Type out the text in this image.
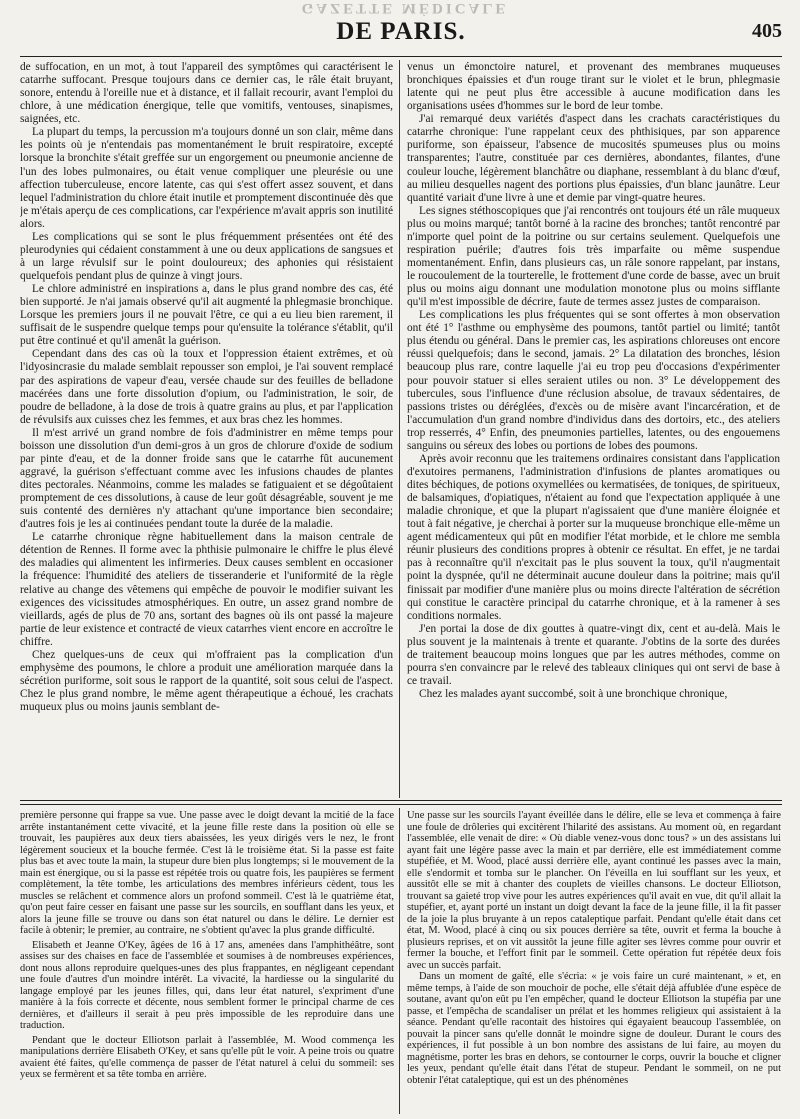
GAZETTE MÉDICALE
DE PARIS.	405

de suffocation, en un mot, à tout l'appareil des symptômes qui caractérisent le catarrhe suffocant. Presque toujours dans ce dernier cas, le râle était bruyant, sonore, entendu à l'oreille nue et à distance, et il fallait recourir, avant l'emploi du chlore, à une médication énergique, telle que vomitifs, ventouses, sinapismes, saignées, etc.

La plupart du temps, la percussion m'a toujours donné un son clair, même dans les points où je n'entendais pas momentanément le bruit respiratoire, excepté lorsque la bronchite s'était greffée sur un engorgement ou pneumonie ancienne de l'un des lobes pulmonaires, ou était venue compliquer une pleurésie ou une affection tuberculeuse, encore latente, cas qui s'est offert assez souvent, et dans lequel l'administration du chlore était inutile et promptement discontinuée dès que je m'étais aperçu de ces complications, car l'expérience m'avait appris son inutilité alors.

Les complications qui se sont le plus fréquemment présentées ont été des pleurodynies qui cédaient constamment à une ou deux applications de sangsues et à un large révulsif sur le point douloureux; des aphonies qui résistaient quelquefois pendant plus de quinze à vingt jours.

Le chlore administré en inspirations a, dans le plus grand nombre des cas, été bien supporté. Je n'ai jamais observé qu'il ait augmenté la phlegmasie bronchique. Lorsque les premiers jours il ne pouvait l'être, ce qui a eu lieu bien rarement, il suffisait de le suspendre quelque temps pour qu'ensuite la tolérance s'établit, qu'il put être continué et qu'il amenât la guérison.

Cependant dans des cas où la toux et l'oppression étaient extrêmes, et où l'idyosincrasie du malade semblait repousser son emploi, je l'ai souvent remplacé par des aspirations de vapeur d'eau, versée chaude sur des feuilles de belladone macérées dans une forte dissolution d'opium, ou l'administration, le soir, de poudre de belladone, à la dose de trois à quatre grains au plus, et par l'application de révulsifs aux cuisses chez les femmes, et aux bras chez les hommes.

Il m'est arrivé un grand nombre de fois d'administrer en même temps pour boisson une dissolution d'un demi-gros à un gros de chlorure d'oxide de sodium par pinte d'eau, et de la donner froide sans que le catarrhe fût aucunement aggravé, la guérison s'effectuant comme avec les infusions chaudes de plantes dites pectorales. Néanmoins, comme les malades se fatiguaient et se dégoûtaient promptement de ces dissolutions, à cause de leur goût désagréable, souvent je me suis contenté des dernières n'y attachant qu'une importance bien secondaire; d'autres fois je les ai continuées pendant toute la durée de la maladie.

Le catarrhe chronique règne habituellement dans la maison centrale de détention de Rennes. Il forme avec la phthisie pulmonaire le chiffre le plus élevé des maladies qui alimentent les infirmeries. Deux causes semblent en occasioner la fréquence: l'humidité des ateliers de tisseranderie et l'uniformité de la règle relative au change des vêtemens qui empêche de pouvoir le modifier suivant les exigences des vicissitudes atmosphériques. En outre, un assez grand nombre de vieillards, agés de plus de 70 ans, sortant des bagnes où ils ont passé la majeure partie de leur existence et contracté de vieux catarrhes vient encore en accroître le chiffre.

Chez quelques-uns de ceux qui m'offraient pas la complication d'un emphysème des poumons, le chlore a produit une amélioration marquée dans la sécrétion puriforme, soit sous le rapport de la quantité, soit sous celui de l'aspect. Chez le plus grand nombre, le même agent thérapeutique a échoué, les crachats muqueux plus ou moins jaunis semblant de-

venus un émonctoire naturel, et provenant des membranes muqueuses bronchiques épaissies et d'un rouge tirant sur le violet et le brun, phlegmasie latente qui ne peut plus être accessible à aucune modification dans les organisations usées d'hommes sur le bord de leur tombe.

J'ai remarqué deux variétés d'aspect dans les crachats caractéristiques du catarrhe chronique: l'une rappelant ceux des phthisiques, par son apparence puriforme, son épaisseur, l'absence de mucosités spumeuses plus ou moins transparentes; l'autre, constituée par ces dernières, abondantes, filantes, d'une couleur louche, légèrement blanchâtre ou diaphane, ressemblant à du blanc d'œuf, au milieu desquelles nagent des portions plus épaissies, d'un blanc jaunâtre. Leur quantité variait d'une livre à une et demie par vingt-quatre heures.

Les signes stéthoscopiques que j'ai rencontrés ont toujours été un râle muqueux plus ou moins marqué; tantôt borné à la racine des bronches; tantôt rencontré par n'importe quel point de la poitrine ou sur certains seulement. Quelquefois une respiration puérile; d'autres fois très imparfaite ou même suspendue momentanément. Enfin, dans plusieurs cas, un râle sonore rappelant, par instans, le roucoulement de la tourterelle, le frottement d'une corde de basse, avec un bruit plus ou moins aigu donnant une modulation monotone plus ou moins sifflante qu'il m'est impossible de décrire, faute de termes assez justes de comparaison.

Les complications les plus fréquentes qui se sont offertes à mon observation ont été 1° l'asthme ou emphysème des poumons, tantôt partiel ou limité; tantôt plus étendu ou général. Dans le premier cas, les aspirations chloreuses ont encore réussi quelquefois; dans le second, jamais. 2° La dilatation des bronches, lésion beaucoup plus rare, contre laquelle j'ai eu trop peu d'occasions d'expérimenter pour pouvoir statuer si elles seraient utiles ou non. 3° Le développement des tubercules, sous l'influence d'une réclusion absolue, de travaux sédentaires, de passions tristes ou déréglées, d'excès ou de misère avant l'incarcération, et de l'accumulation d'un grand nombre d'individus dans des dortoirs, etc., des ateliers trop resserrés, 4° Enfin, des pneumonies partielles, latentes, ou des engouemens sanguins ou séreux des lobes ou portions de lobes des poumons.

Après avoir reconnu que les traitemens ordinaires consistant dans l'application d'exutoires permanens, l'administration d'infusions de plantes aromatiques ou dites béchiques, de potions oxymellées ou kermatisées, de toniques, de spiritueux, de balsamiques, d'opiatiques, n'étaient au fond que l'expectation appliquée à une maladie chronique, et que la plupart n'agissaient que d'une manière éloignée et tout à fait négative, je cherchai à porter sur la muqueuse bronchique elle-même un agent médicamenteux qui pût en modifier l'état morbide, et le chlore me sembla réunir plusieurs des conditions propres à obtenir ce résultat. En effet, je ne tardai pas à reconnaître qu'il n'excitait pas le plus souvent la toux, qu'il n'augmentait point la dyspnée, qu'il ne déterminait aucune douleur dans la poitrine; mais qu'il finissait par modifier d'une manière plus ou moins directe l'altération de sécrétion qui constitue le caractère principal du catarrhe chronique, et à la ramener à ses conditions normales.

J'en portai la dose de dix gouttes à quatre-vingt dix, cent et au-delà. Mais le plus souvent je la maintenais à trente et quarante. J'obtins de la sorte des durées de traitement beaucoup moins longues que par les autres méthodes, comme on pourra s'en convaincre par le relevé des tableaux cliniques qui ont servi de base à ce travail.

Chez les malades ayant succombé, soit à une bronchique chronique,

première personne qui frappe sa vue. Une passe avec le doigt devant la mcitié de la face arrête instantanément cette vivacité, et la jeune fille reste dans la position où elle se trouvait, les paupières aux deux tiers abaissées, les yeux dirigés vers le nez, le front légèrement soucieux et la bouche fermée. C'est là le troisième état. Si la passe est faite plus bas et avec toute la main, la stupeur dure bien plus longtemps; si le mouvement de la main est énergique, ou si la passe est répétée trois ou quatre fois, les paupières se ferment complètement, la tête tombe, les articulations des membres inférieurs cèdent, tous les muscles se relâchent et commence alors un profond sommeil. C'est là le quatrième état, qu'on peut faire cesser en faisant une passe sur les sourcils, en soufflant dans les yeux, et alors la jeune fille se trouve ou dans son état naturel ou dans le délire. Le dernier est facile à obtenir; le premier, au contraire, ne s'obtient qu'avec la plus grande difficulté.

Elisabeth et Jeanne O'Key, âgées de 16 à 17 ans, amenées dans l'amphithéâtre, sont assises sur des chaises en face de l'assemblée et soumises à de nombreuses expériences, dont nous allons reproduire quelques-unes des plus frappantes, en négligeant cependant une foule d'autres d'un moindre intérêt. La vivacité, la hardiesse ou la singularité du langage employé par les jeunes filles, qui, dans leur état naturel, s'expriment d'une manière à la fois correcte et décente, nous semblent former le principal charme de ces dernières, et d'ailleurs il serait à peu près impossible de les reproduire dans une traduction.

Pendant que le docteur Elliotson parlait à l'assemblée, M. Wood commença les manipulations derrière Elisabeth O'Key, et sans qu'elle pût le voir. A peine trois ou quatre avaient été faites, qu'elle commença de passer de l'état naturel à celui du sommeil: ses yeux se fermèrent et sa tête tomba en arrière.

Une passe sur les sourcils l'ayant éveillée dans le délire, elle se leva et commença à faire une foule de drôleries qui excitèrent l'hilarité des assistans. Au moment où, en regardant l'assemblée, elle venait de dire: « Où diable venez-vous donc tous? » un des assistans lui ayant fait une légère passe avec la main et par derrière, elle est immédiatement comme stupéfiée, et M. Wood, placé aussi derrière elle, ayant continué les passes avec la main, elle s'endormit et tomba sur le plancher. On l'éveilla en lui soufflant sur les yeux, et aussitôt elle se mit à chanter des couplets de vieilles chansons. Le docteur Elliotson, trouvant sa gaieté trop vive pour les autres expériences qu'il avait en vue, dit qu'il allait la stupéfier, et, ayant porté un instant un doigt devant la face de la jeune fille, il la fit passer de la joie la plus bruyante à un repos cataleptique parfait. Pendant qu'elle était dans cet état, M. Wood, placé à cinq ou six pouces derrière sa tête, ouvrit et ferma la bouche à plusieurs reprises, et on vit aussitôt la jeune fille agiter ses lèvres comme pour ouvrir et fermer la bouche, et l'effort finit par le sommeil. Cette opération fut répétée deux fois avec un succès parfait.

Dans un moment de gaîté, elle s'écria: « je vois faire un curé maintenant, » et, en même temps, à l'aide de son mouchoir de poche, elle s'était déjà affublée d'une espèce de soutane, avant qu'on eût pu l'en empêcher, quand le docteur Elliotson la stupéfia par une passe, et l'empêcha de scandaliser un prélat et les hommes religieux qui assistaient à la séance. Pendant qu'elle racontait des histoires qui égayaient beaucoup l'assemblée, on pouvait la pincer sans qu'elle donnât le moindre signe de douleur. Durant le cours des expériences, il fut possible à un bon nombre des assistans de lui faire, au moyen du magnétisme, porter les bras en dehors, se contourner le corps, ouvrir la bouche et cligner les yeux, pendant qu'elle était dans l'état de stupeur. Pendant le sommeil, on ne put obtenir l'état cataleptique, qui est un des phénomènes
